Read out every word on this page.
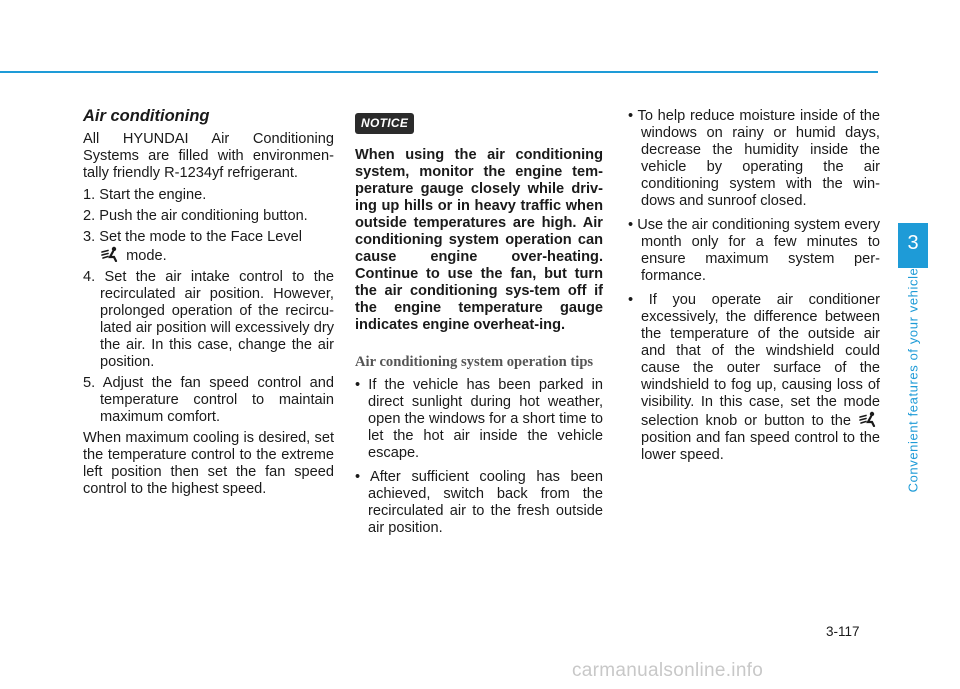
Air conditioning

All HYUNDAI Air Conditioning Systems are filled with environmen-tally friendly R-1234yf refrigerant.

1. Start the engine.

2. Push the air conditioning button.

3. Set the mode to the Face Level
mode.

4. Set the air intake control to the recirculated air position. However, prolonged operation of the recircu-lated air position will excessively dry the air. In this case, change the air position.

5. Adjust the fan speed control and temperature control to maintain maximum comfort.

When maximum cooling is desired, set the temperature control to the extreme left position then set the fan speed control to the highest speed.

NOTICE

When using the air conditioning system, monitor the engine tem-perature gauge closely while driv-ing up hills or in heavy traffic when outside temperatures are high. Air conditioning system operation can cause engine over-heating. Continue to use the fan, but turn the air conditioning sys-tem off if the engine temperature gauge indicates engine overheat-ing.

Air conditioning system operation tips

• If the vehicle has been parked in direct sunlight during hot weather, open the windows for a short time to let the hot air inside the vehicle escape.

• After sufficient cooling has been achieved, switch back from the recirculated air to the fresh outside air position.

• To help reduce moisture inside of the windows on rainy or humid days, decrease the humidity inside the vehicle by operating the air conditioning system with the win-dows and sunroof closed.

• Use the air conditioning system every month only for a few minutes to ensure maximum system per-formance.

• If you operate air conditioner excessively, the difference between the temperature of the outside air and that of the windshield could cause the outer surface of the windshield to fog up, causing loss of visibility. In this case, set the mode selection knob or button to the  position and fan speed control to the lower speed.

3
Convenient features of your vehicle
3-117
carmanualsonline.info
